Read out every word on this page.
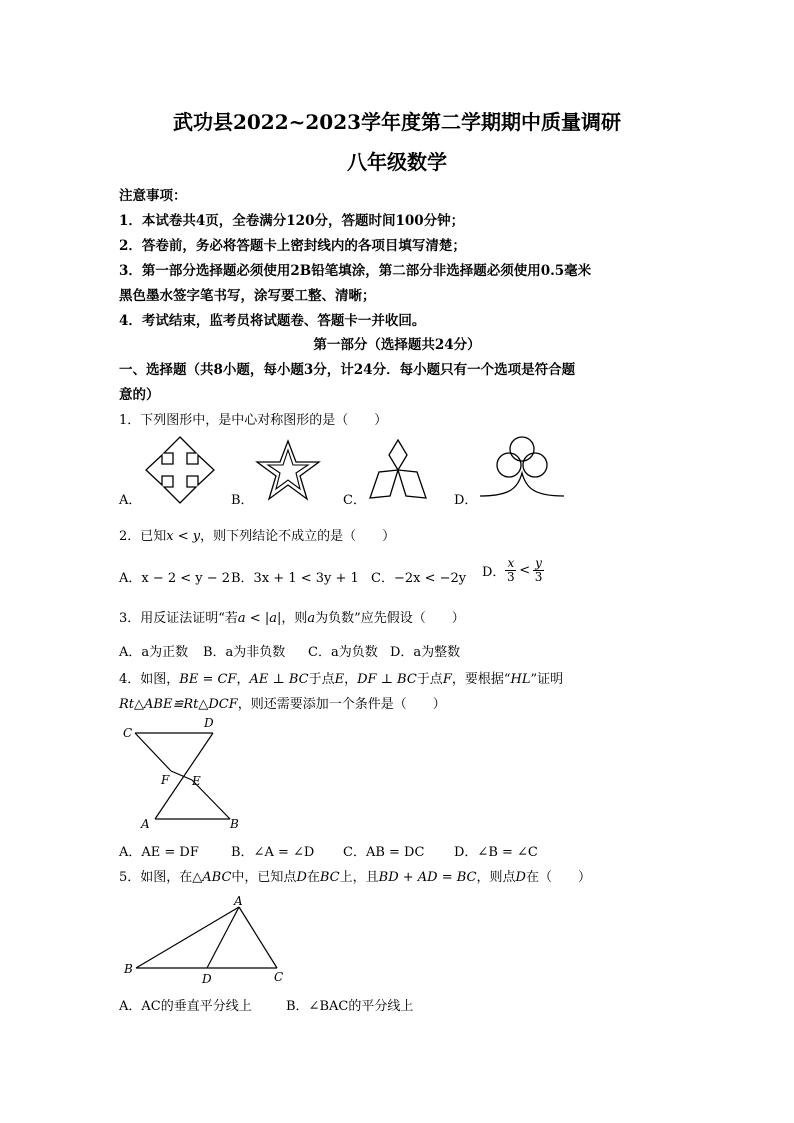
武功县2022~2023学年度第二学期期中质量调研
八年级数学
注意事项：
1．本试卷共4页，全卷满分120分，答题时间100分钟；
2．答卷前，务必将答题卡上密封线内的各项目填写清楚；
3．第一部分选择题必须使用2B铅笔填涂，第二部分非选择题必须使用0.5毫米
黑色墨水签字笔书写，涂写要工整、清晰；
4．考试结束，监考员将试题卷、答题卡一并收回。
第一部分（选择题共24分）
一、选择题（共8小题，每小题3分，计24分．每小题只有一个选项是符合题
意的）
1．下列图形中，是中心对称图形的是（　　）
A．	B．	C．	D．
2．已知x < y，则下列结论不成立的是（　　）
A．x − 2 < y − 2 B．3x + 1 < 3y + 1 C．−2x < −2y D． $\frac{x}{3} < \frac{y}{3}$
3．用反证法证明“若a < |a|，则a为负数”应先假设（　　）
A．a为正数 B．a为非负数 C．a为负数 D．a为整数
4．如图，BE = CF，AE ⊥ BC于点E，DF ⊥ BC于点F，要根据“HL”证明
Rt△ABE≌Rt△DCF，则还需要添加一个条件是（　　）
C
D
F E
A	B
A．AE = DF B．∠A = ∠D C．AB = DC D．∠B = ∠C
5．如图，在△ABC中，已知点D在BC上，且BD + AD = BC，则点D在（　　）
A
B
D	C
A．AC的垂直平分线上	B．∠BAC的平分线上
